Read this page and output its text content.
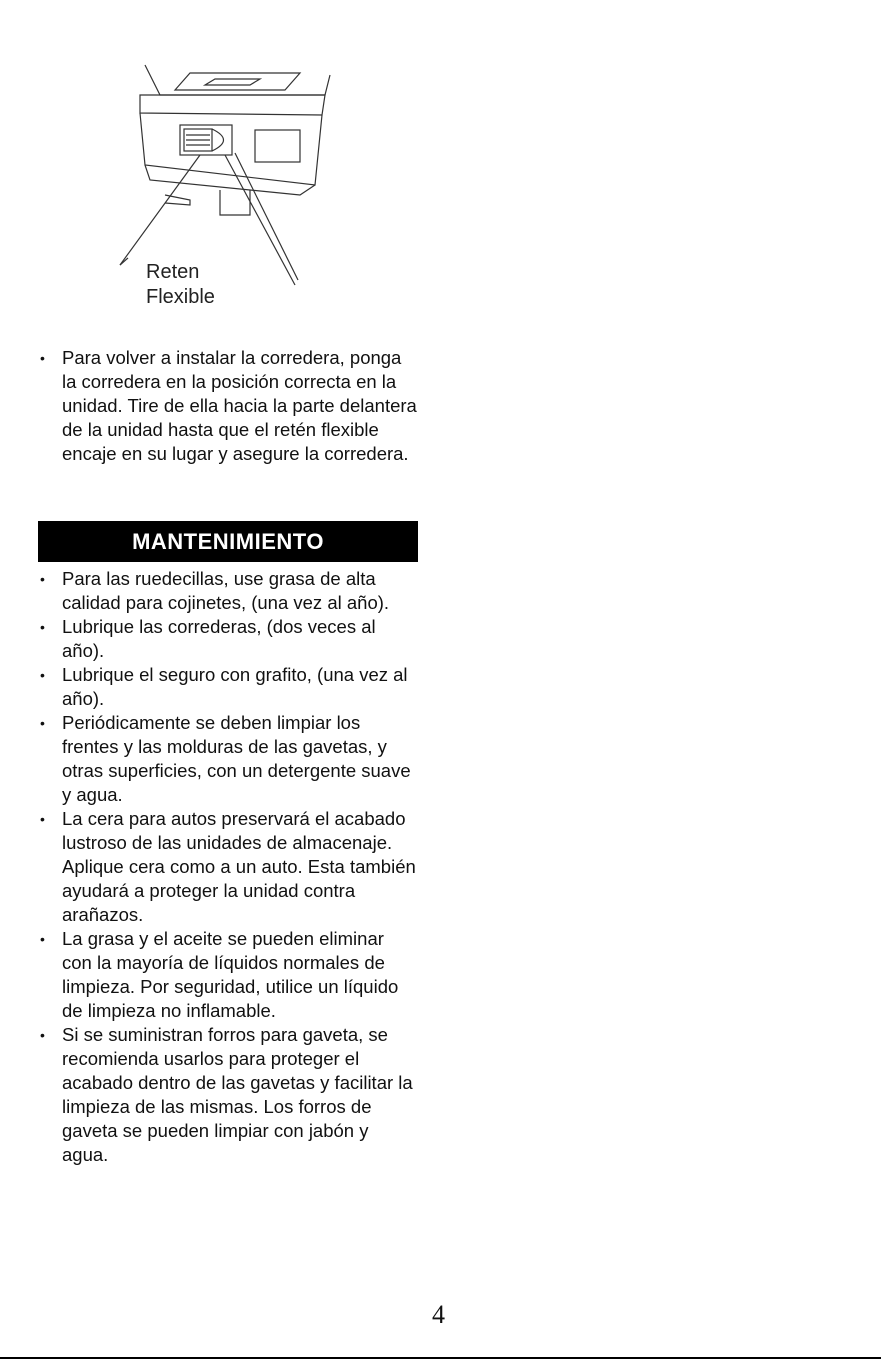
Reten
Flexible
• Para volver a instalar la corredera, ponga la corredera en la posición correcta en la unidad. Tire de ella hacia la parte delantera de la unidad hasta que el retén flexible encaje en su lugar y asegure la corredera.
MANTENIMIENTO
• Para las ruedecillas, use grasa de alta calidad para cojinetes, (una vez al año).
• Lubrique las correderas, (dos veces al año).
• Lubrique el seguro con grafito, (una vez al año).
• Periódicamente se deben limpiar los frentes y las molduras de las gavetas, y otras superficies, con un detergente suave y agua.
• La cera para autos preservará el acabado lustroso de las unidades de almacenaje. Aplique cera como a un auto. Esta también ayudará a proteger la unidad contra arañazos.
• La grasa y el aceite se pueden eliminar con la mayoría de líquidos normales de limpieza. Por seguridad, utilice un líquido de limpieza no inflamable.
• Si se suministran forros para gaveta, se recomienda usarlos para proteger el acabado dentro de las gavetas y facilitar la limpieza de las mismas. Los forros de gaveta se pueden limpiar con jabón y agua.
4
